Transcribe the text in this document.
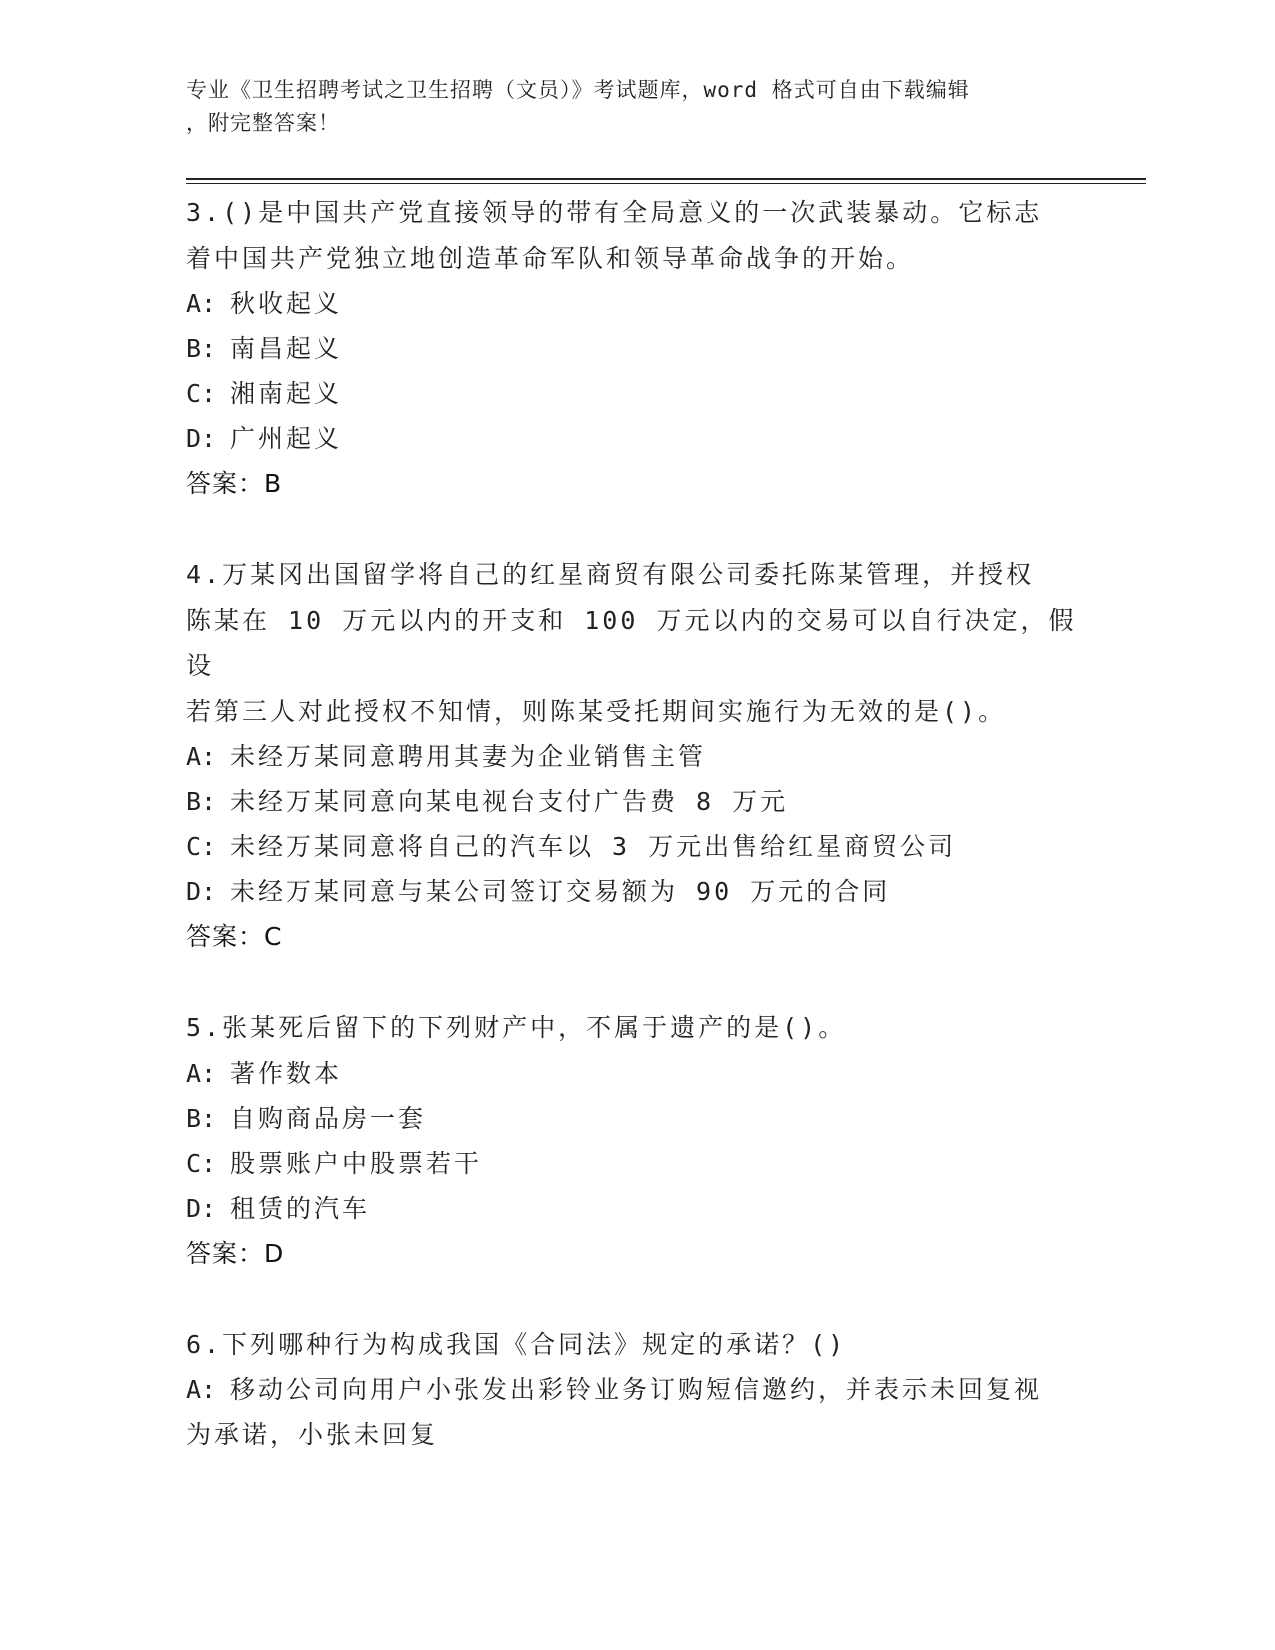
专业《卫生招聘考试之卫生招聘（文员）》考试题库，word 格式可自由下载编辑
，附完整答案！
3.()是中国共产党直接领导的带有全局意义的一次武装暴动。它标志
着中国共产党独立地创造革命军队和领导革命战争的开始。
A: 秋收起义
B: 南昌起义
C: 湘南起义
D: 广州起义
答案：B
4.万某冈出国留学将自己的红星商贸有限公司委托陈某管理，并授权
陈某在 10 万元以内的开支和 100 万元以内的交易可以自行决定，假设
若第三人对此授权不知情，则陈某受托期间实施行为无效的是()。
A: 未经万某同意聘用其妻为企业销售主管
B: 未经万某同意向某电视台支付广告费 8 万元
C: 未经万某同意将自己的汽车以 3 万元出售给红星商贸公司
D: 未经万某同意与某公司签订交易额为 90 万元的合同
答案：C
5.张某死后留下的下列财产中，不属于遗产的是()。
A: 著作数本
B: 自购商品房一套
C: 股票账户中股票若干
D: 租赁的汽车
答案：D
6.下列哪种行为构成我国《合同法》规定的承诺？()
A: 移动公司向用户小张发出彩铃业务订购短信邀约，并表示未回复视
为承诺，小张未回复
